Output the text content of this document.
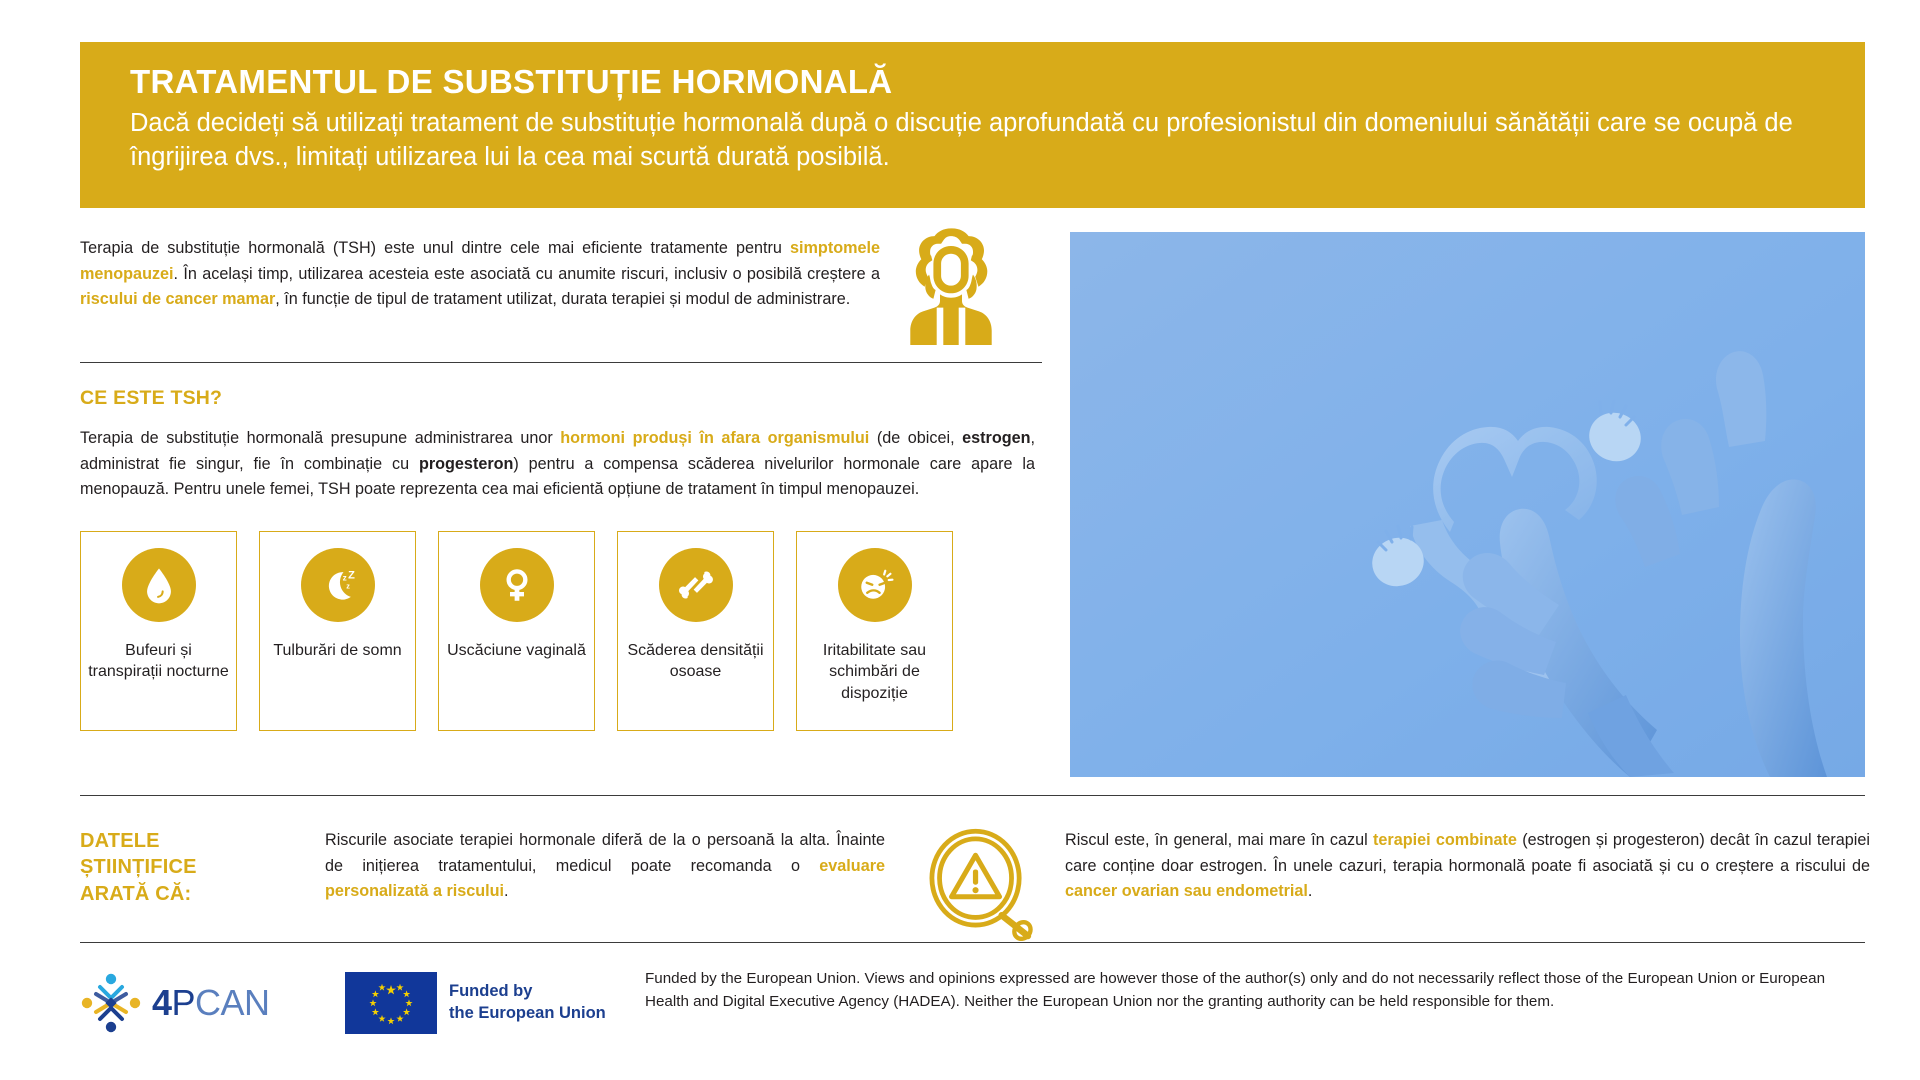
TRATAMENTUL DE SUBSTITUȚIE HORMONALĂ
Dacă decideți să utilizați tratament de substituție hormonală după o discuție aprofundată cu profesionistul din domeniului sănătății care se ocupă de îngrijirea dvs., limitați utilizarea lui la cea mai scurtă durată posibilă.
Terapia de substituție hormonală (TSH) este unul dintre cele mai eficiente tratamente pentru simptomele menopauzei. În același timp, utilizarea acesteia este asociată cu anumite riscuri, inclusiv o posibilă creștere a riscului de cancer mamar, în funcție de tipul de tratament utilizat, durata terapiei și modul de administrare.
CE ESTE TSH?
Terapia de substituție hormonală presupune administrarea unor hormoni produși în afara organismului (de obicei, estrogen, administrat fie singur, fie în combinație cu progesteron) pentru a compensa scăderea nivelurilor hormonale care apare la menopauză. Pentru unele femei, TSH poate reprezenta cea mai eficientă opțiune de tratament în timpul menopauzei.
Bufeuri și transpirații nocturne
z Z
z
Tulburări de somn	Uscăciune vaginală	Scăderea densității osoase
Iritabilitate sau schimbări de dispoziție
DATELE ȘTIINȚIFICE ARATĂ CĂ:
Riscurile asociate terapiei hormonale diferă de la o persoană la alta. Înainte de inițierea tratamentului, medicul poate recomanda o evaluare personalizată a riscului.
Riscul este, în general, mai mare în cazul terapiei combinate (estrogen și progesteron) decât în cazul terapiei care conține doar estrogen. În unele cazuri, terapia hormonală poate fi asociată și cu o creștere a riscului de cancer ovarian sau endometrial.
4PCAN	Funded by
the European Union
Funded by the European Union. Views and opinions expressed are however those of the author(s) only and do not necessarily reflect those of the European Union or European Health and Digital Executive Agency (HADEA). Neither the European Union nor the granting authority can be held responsible for them.
